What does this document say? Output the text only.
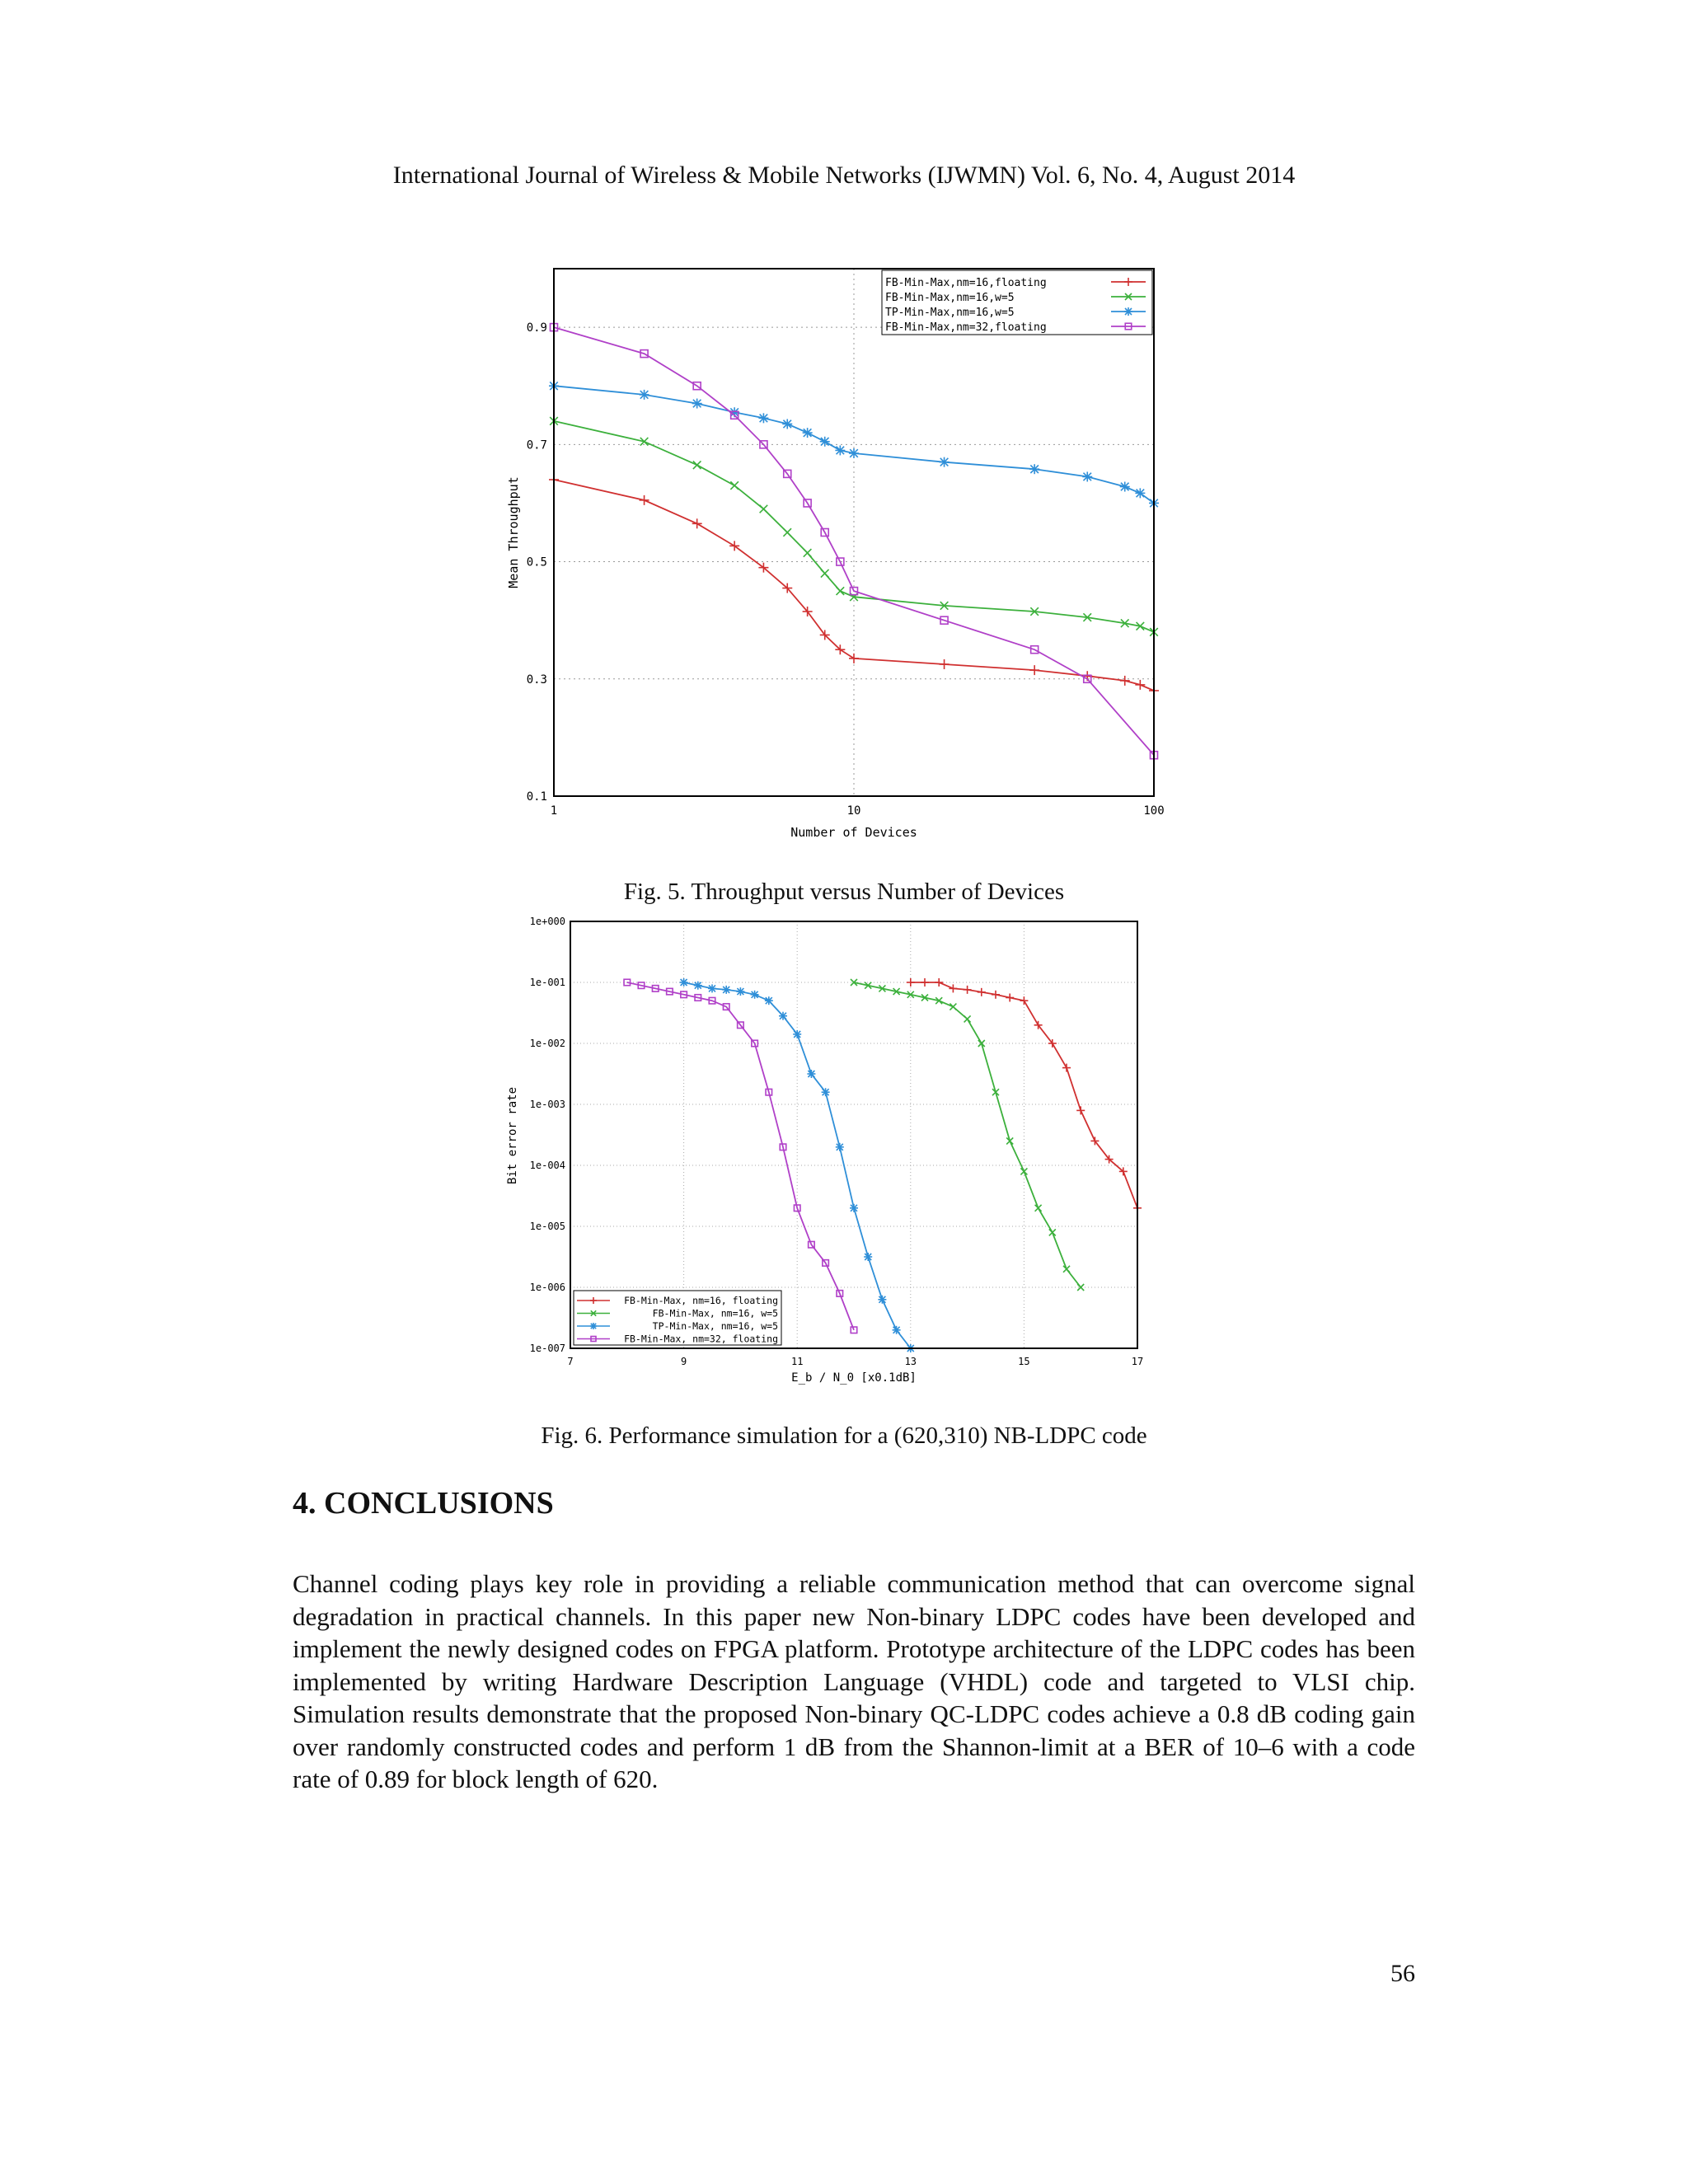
International Journal of Wireless & Mobile Networks (IJWMN) Vol. 6, No. 4, August 2014
0.1
0.3
0.5
0.7
0.9
1	10	100
Number of Devices
Mean Throughput
FB-Min-Max,nm=16,floating
FB-Min-Max,nm=16,w=5
TP-Min-Max,nm=16,w=5
FB-Min-Max,nm=32,floating
Fig. 5. Throughput versus Number of Devices
1e+000
1e-001
1e-002
1e-003
1e-004
1e-005
1e-006
1e-007
7	9	11	13	15	17
E_b / N_0 [x0.1dB]
Bit error rate
FB-Min-Max, nm=16, floating
FB-Min-Max, nm=16, w=5
TP-Min-Max, nm=16, w=5
FB-Min-Max, nm=32, floating
Fig. 6. Performance simulation for a (620,310) NB-LDPC code
4. CONCLUSIONS
Channel coding plays key role in providing a reliable communication method that can overcome signal degradation in practical channels. In this paper new Non-binary LDPC codes have been developed and implement the newly designed codes on FPGA platform. Prototype architecture of the LDPC codes has been implemented by writing Hardware Description Language (VHDL) code and targeted to VLSI chip. Simulation results demonstrate that the proposed Non-binary QC-LDPC codes achieve a 0.8 dB coding gain over randomly constructed codes and perform 1 dB from the Shannon-limit at a BER of 10–6 with a code rate of 0.89 for block length of 620.
56
